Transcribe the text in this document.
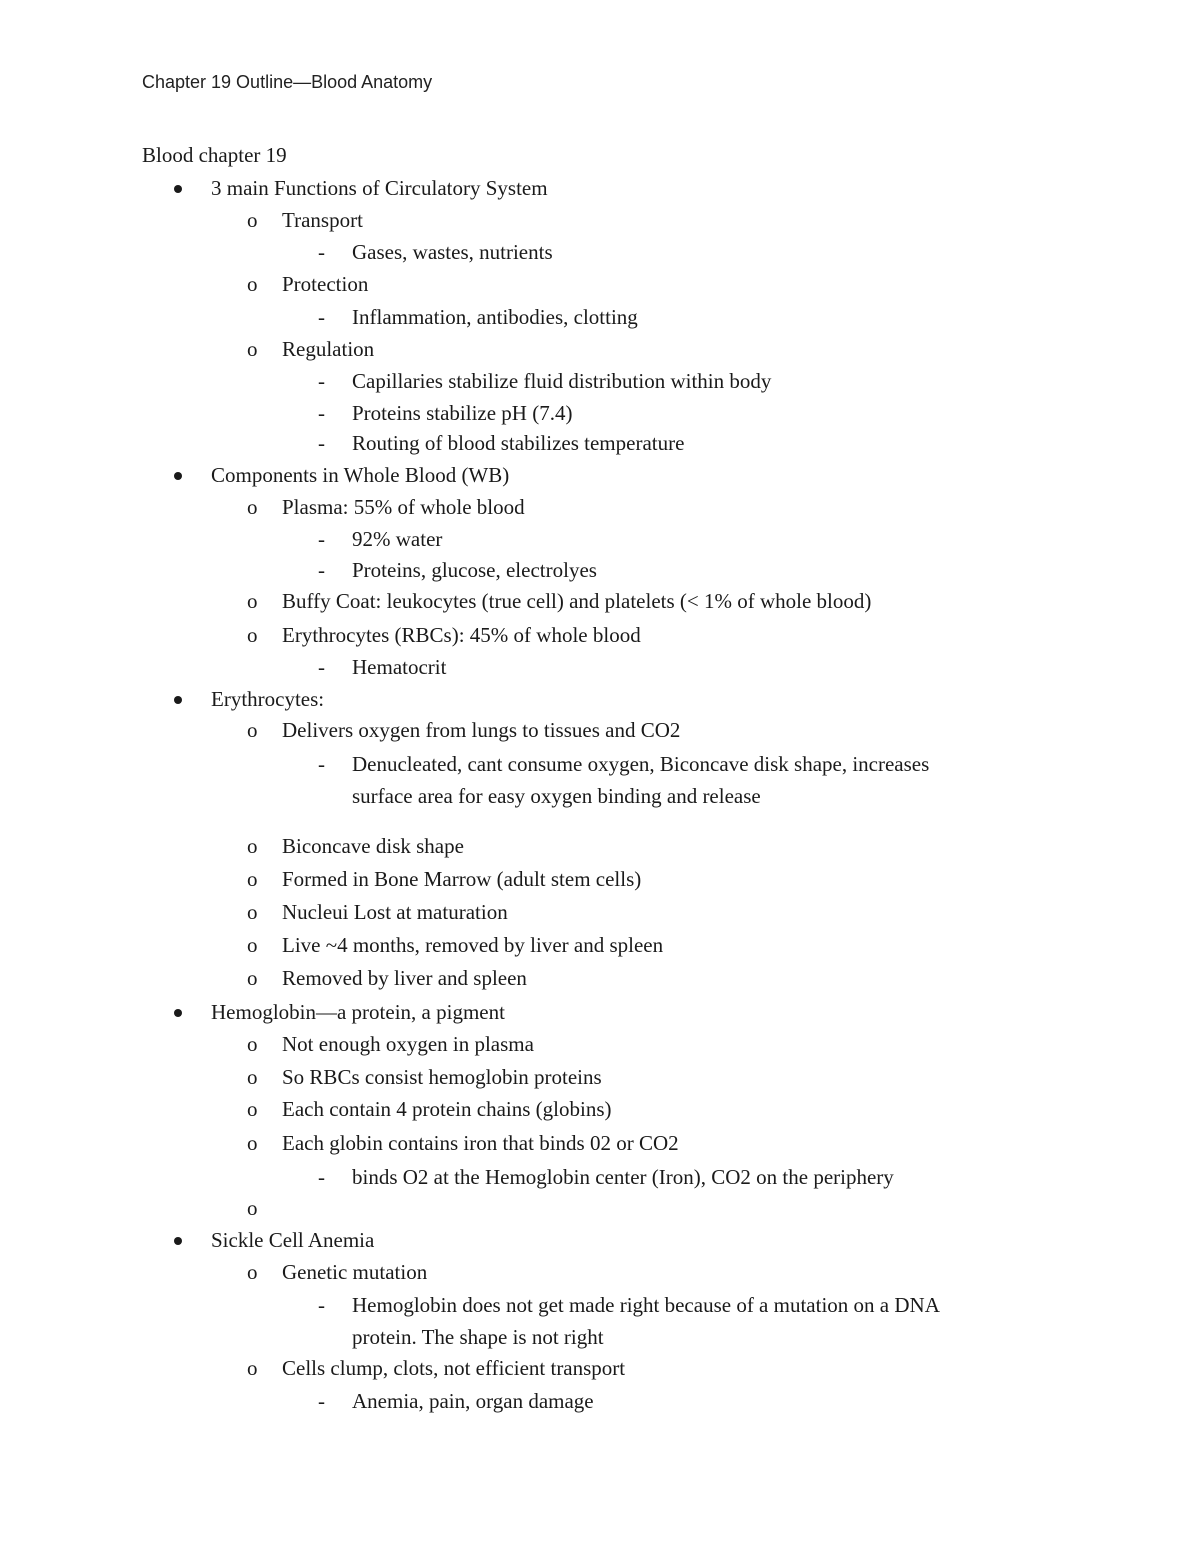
Chapter 19 Outline—Blood Anatomy
Blood chapter 19
3 main Functions of Circulatory System
o Transport
- Gases, wastes, nutrients
o Protection
- Inflammation, antibodies, clotting
o Regulation
- Capillaries stabilize fluid distribution within body
- Proteins stabilize pH (7.4)
- Routing of blood stabilizes temperature
Components in Whole Blood (WB)
o Plasma: 55% of whole blood
- 92% water
- Proteins, glucose, electrolyes
o Buffy Coat: leukocytes (true cell) and platelets (< 1% of whole blood)
o Erythrocytes (RBCs): 45% of whole blood
- Hematocrit
Erythrocytes:
o Delivers oxygen from lungs to tissues and CO2
- Denucleated, cant consume oxygen, Biconcave disk shape, increases
surface area for easy oxygen binding and release
o Biconcave disk shape
o Formed in Bone Marrow (adult stem cells)
o Nucleui Lost at maturation
o Live ~4 months, removed by liver and spleen
o Removed by liver and spleen
Hemoglobin—a protein, a pigment
o Not enough oxygen in plasma
o So RBCs consist hemoglobin proteins
o Each contain 4 protein chains (globins)
o Each globin contains iron that binds 02 or CO2
- binds O2 at the Hemoglobin center (Iron), CO2 on the periphery
o
Sickle Cell Anemia
o Genetic mutation
- Hemoglobin does not get made right because of a mutation on a DNA
protein. The shape is not right
o Cells clump, clots, not efficient transport
- Anemia, pain, organ damage
